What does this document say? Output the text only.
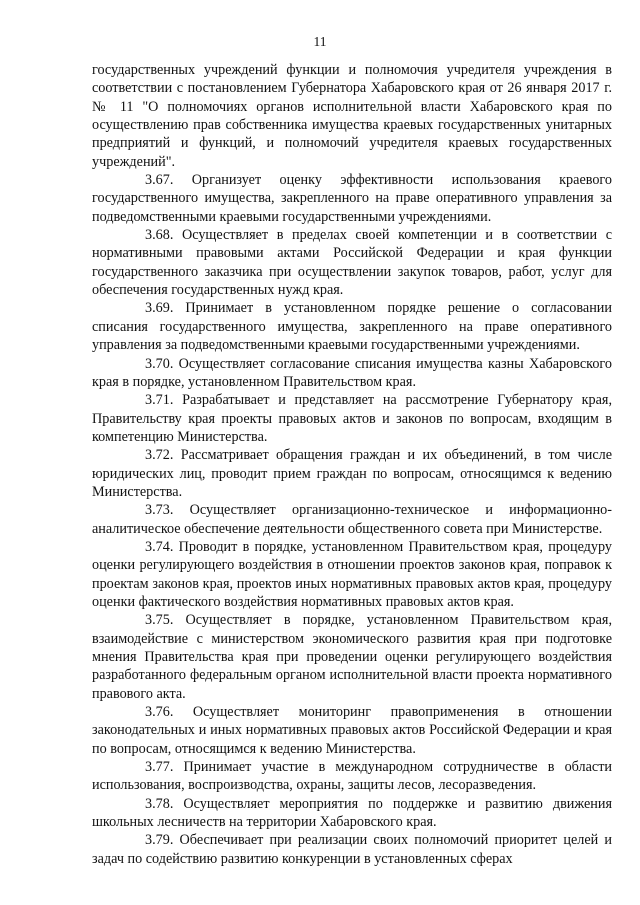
11

государственных учреждений функции и полномочия учредителя учреждения в соответствии с постановлением Губернатора Хабаровского края от 26 января 2017 г. № 11 "О полномочиях органов исполнительной власти Хабаровского края по осуществлению прав собственника имущества краевых государственных унитарных предприятий и функций, и полномочий учредителя краевых государственных учреждений".

3.67. Организует оценку эффективности использования краевого государственного имущества, закрепленного на праве оперативного управления за подведомственными краевыми государственными учреждениями.

3.68. Осуществляет в пределах своей компетенции и в соответствии с нормативными правовыми актами Российской Федерации и края функции государственного заказчика при осуществлении закупок товаров, работ, услуг для обеспечения государственных нужд края.

3.69. Принимает в установленном порядке решение о согласовании списания государственного имущества, закрепленного на праве оперативного управления за подведомственными краевыми государственными учреждениями.

3.70. Осуществляет согласование списания имущества казны Хабаровского края в порядке, установленном Правительством края.

3.71. Разрабатывает и представляет на рассмотрение Губернатору края, Правительству края проекты правовых актов и законов по вопросам, входящим в компетенцию Министерства.

3.72. Рассматривает обращения граждан и их объединений, в том числе юридических лиц, проводит прием граждан по вопросам, относящимся к ведению Министерства.

3.73. Осуществляет организационно-техническое и информационно-аналитическое обеспечение деятельности общественного совета при Министерстве.

3.74. Проводит в порядке, установленном Правительством края, процедуру оценки регулирующего воздействия в отношении проектов законов края, поправок к проектам законов края, проектов иных нормативных правовых актов края, процедуру оценки фактического воздействия нормативных правовых актов края.

3.75. Осуществляет в порядке, установленном Правительством края, взаимодействие с министерством экономического развития края при подготовке мнения Правительства края при проведении оценки регулирующего воздействия разработанного федеральным органом исполнительной власти проекта нормативного правового акта.

3.76. Осуществляет мониторинг правоприменения в отношении законодательных и иных нормативных правовых актов Российской Федерации и края по вопросам, относящимся к ведению Министерства.

3.77. Принимает участие в международном сотрудничестве в области использования, воспроизводства, охраны, защиты лесов, лесоразведения.

3.78. Осуществляет мероприятия по поддержке и развитию движения школьных лесничеств на территории Хабаровского края.

3.79. Обеспечивает при реализации своих полномочий приоритет целей и задач по содействию развитию конкуренции в установленных сферах
